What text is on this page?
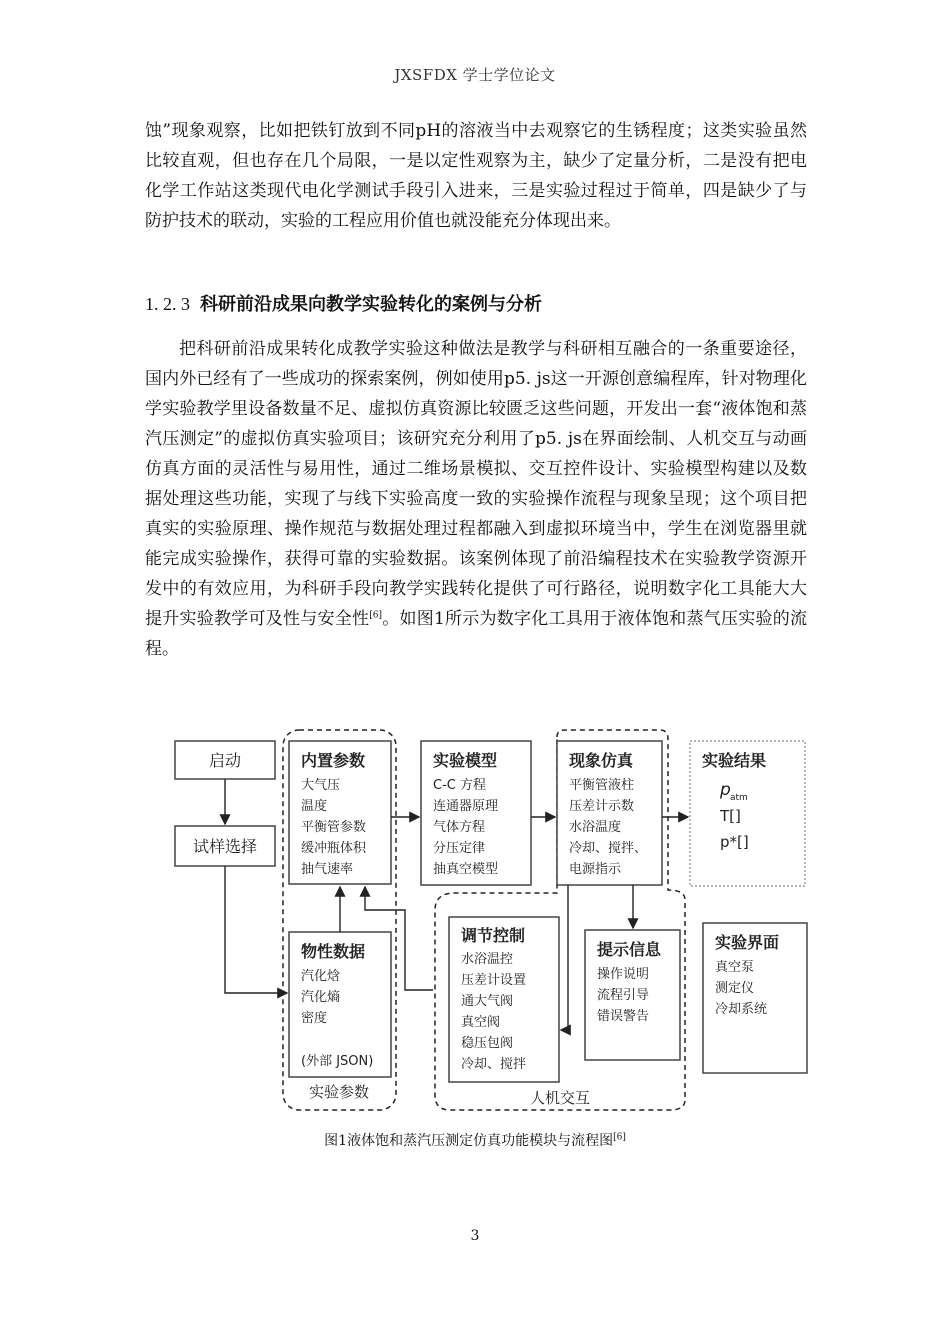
JXSFDX 学士学位论文

蚀”现象观察，比如把铁钉放到不同pH的溶液当中去观察它的生锈程度；这类实验虽然比较直观，但也存在几个局限，一是以定性观察为主，缺少了定量分析，二是没有把电化学工作站这类现代电化学测试手段引入进来，三是实验过程过于简单，四是缺少了与防护技术的联动，实验的工程应用价值也就没能充分体现出来。

1. 2. 3 科研前沿成果向教学实验转化的案例与分析

把科研前沿成果转化成教学实验这种做法是教学与科研相互融合的一条重要途径，国内外已经有了一些成功的探索案例，例如使用p5. js这一开源创意编程库，针对物理化学实验教学里设备数量不足、虚拟仿真资源比较匮乏这些问题，开发出一套“液体饱和蒸汽压测定”的虚拟仿真实验项目；该研究充分利用了p5. js在界面绘制、人机交互与动画仿真方面的灵活性与易用性，通过二维场景模拟、交互控件设计、实验模型构建以及数据处理这些功能，实现了与线下实验高度一致的实验操作流程与现象呈现；这个项目把真实的实验原理、操作规范与数据处理过程都融入到虚拟环境当中，学生在浏览器里就能完成实验操作，获得可靠的实验数据。该案例体现了前沿编程技术在实验教学资源开发中的有效应用，为科研手段向教学实践转化提供了可行路径，说明数字化工具能大大提升实验教学可及性与安全性[6]。如图1所示为数字化工具用于液体饱和蒸气压实验的流程。

启动
试样选择
内置参数
大气压
温度
平衡管参数
缓冲瓶体积
抽气速率
物性数据
汽化焓
汽化熵
密度
(外部 JSON)
实验参数
实验模型
C-C 方程
连通器原理
气体方程
分压定律
抽真空模型
现象仿真
平衡管液柱
压差计示数
水浴温度
冷却、搅拌、
电源指示
实验结果
p atm
T[]
p*[]
调节控制
水浴温控
压差计设置
通大气阀
真空阀
稳压包阀
冷却、搅拌
提示信息
操作说明
流程引导
错误警告
人机交互
实验界面
真空泵
测定仪
冷却系统
图1液体饱和蒸汽压测定仿真功能模块与流程图[6]
3
